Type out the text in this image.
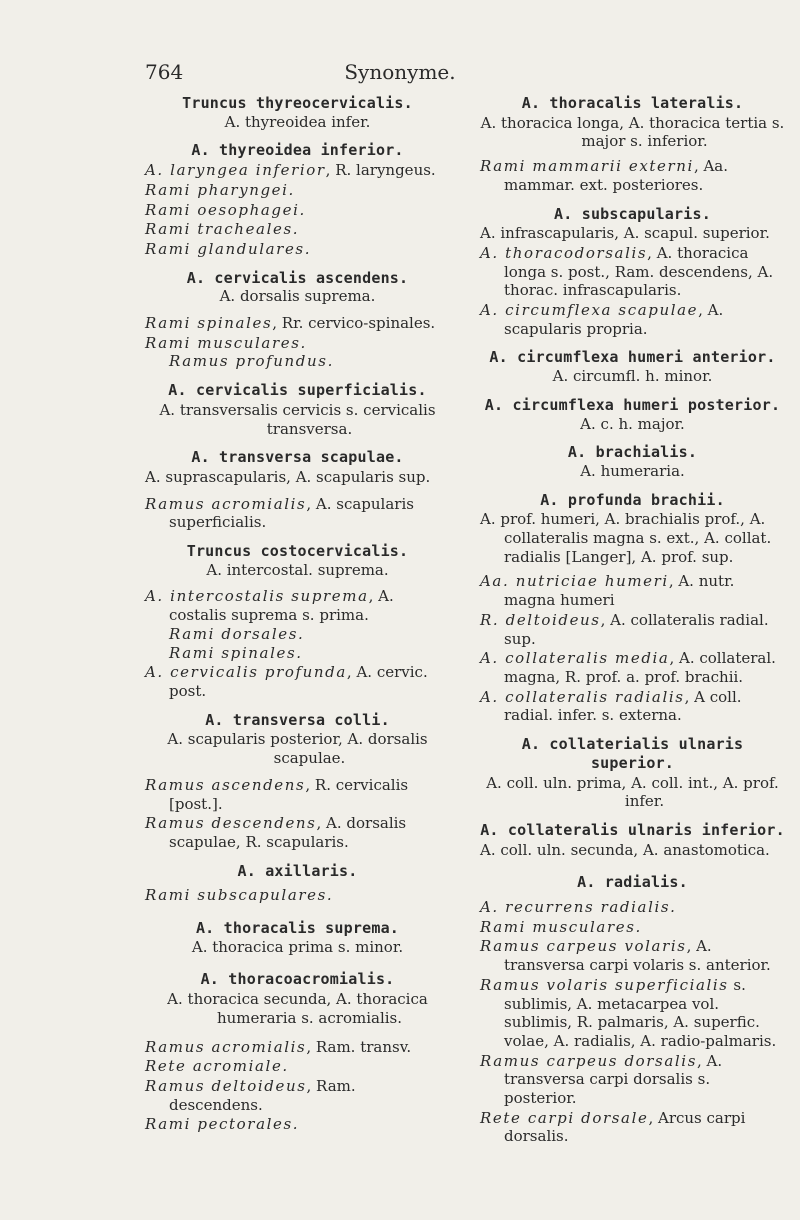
764	Synonyme.
Truncus thyreocervicalis.
A. thyreoidea infer.
A. thyreoidea inferior.
A. laryngea inferior, R. laryngeus.
Rami pharyngei.
Rami oesophagei.
Rami tracheales.
Rami glandulares.
A. cervicalis ascendens.
A. dorsalis suprema.
Rami spinales, Rr. cervico-spinales.
Rami musculares.
Ramus profundus.
A. cervicalis superficialis.
A. transversalis cervicis s. cervicalis transversa.
A. transversa scapulae.
A. suprascapularis, A. scapularis sup.
Ramus acromialis, A. scapularis superficialis.
Truncus costocervicalis.
A. intercostal. suprema.
A. intercostalis suprema, A. costalis suprema s. prima.
Rami dorsales.
Rami spinales.
A. cervicalis profunda, A. cervic. post.
A. transversa colli.
A. scapularis posterior, A. dorsalis scapulae.
Ramus ascendens, R. cervicalis [post.].
Ramus descendens, A. dorsalis scapulae, R. scapularis.
A. axillaris.
Rami subscapulares.
A. thoracalis suprema.
A. thoracica prima s. minor.
A. thoracoacromialis.
A. thoracica secunda, A. thoracica humeraria s. acromialis.
Ramus acromialis, Ram. transv.
Rete acromiale.
Ramus deltoideus, Ram. descendens.
Rami pectorales.
A. thoracalis lateralis.
A. thoracica longa, A. thoracica tertia s. major s. inferior.
Rami mammarii externi, Aa. mammar. ext. posteriores.
A. subscapularis.
A. infrascapularis, A. scapul. superior.
A. thoracodorsalis, A. thoracica longa s. post., Ram. descendens, A. thorac. infrascapularis.
A. circumflexa scapulae, A. scapularis propria.
A. circumflexa humeri anterior.
A. circumfl. h. minor.
A. circumflexa humeri posterior.
A. c. h. major.
A. brachialis.
A. humeraria.
A. profunda brachii.
A. prof. humeri, A. brachialis prof., A. collateralis magna s. ext., A. collat. radialis [Langer], A. prof. sup.
Aa. nutriciae humeri, A. nutr. magna humeri
R. deltoideus, A. collateralis radial. sup.
A. collateralis media, A. collateral. magna, R. prof. a. prof. brachii.
A. collateralis radialis, A coll. radial. infer. s. externa.
A. collaterialis ulnaris superior.
A. coll. uln. prima, A. coll. int., A. prof. infer.
A. collateralis ulnaris inferior.
A. coll. uln. secunda, A. anastomotica.
A. radialis.
A. recurrens radialis.
Rami musculares.
Ramus carpeus volaris, A. transversa carpi volaris s. anterior.
Ramus volaris superficialis s. sublimis, A. metacarpea vol. sublimis, R. palmaris, A. superfic. volae, A. radialis, A. radio-palmaris.
Ramus carpeus dorsalis, A. transversa carpi dorsalis s. posterior.
Rete carpi dorsale, Arcus carpi dorsalis.
